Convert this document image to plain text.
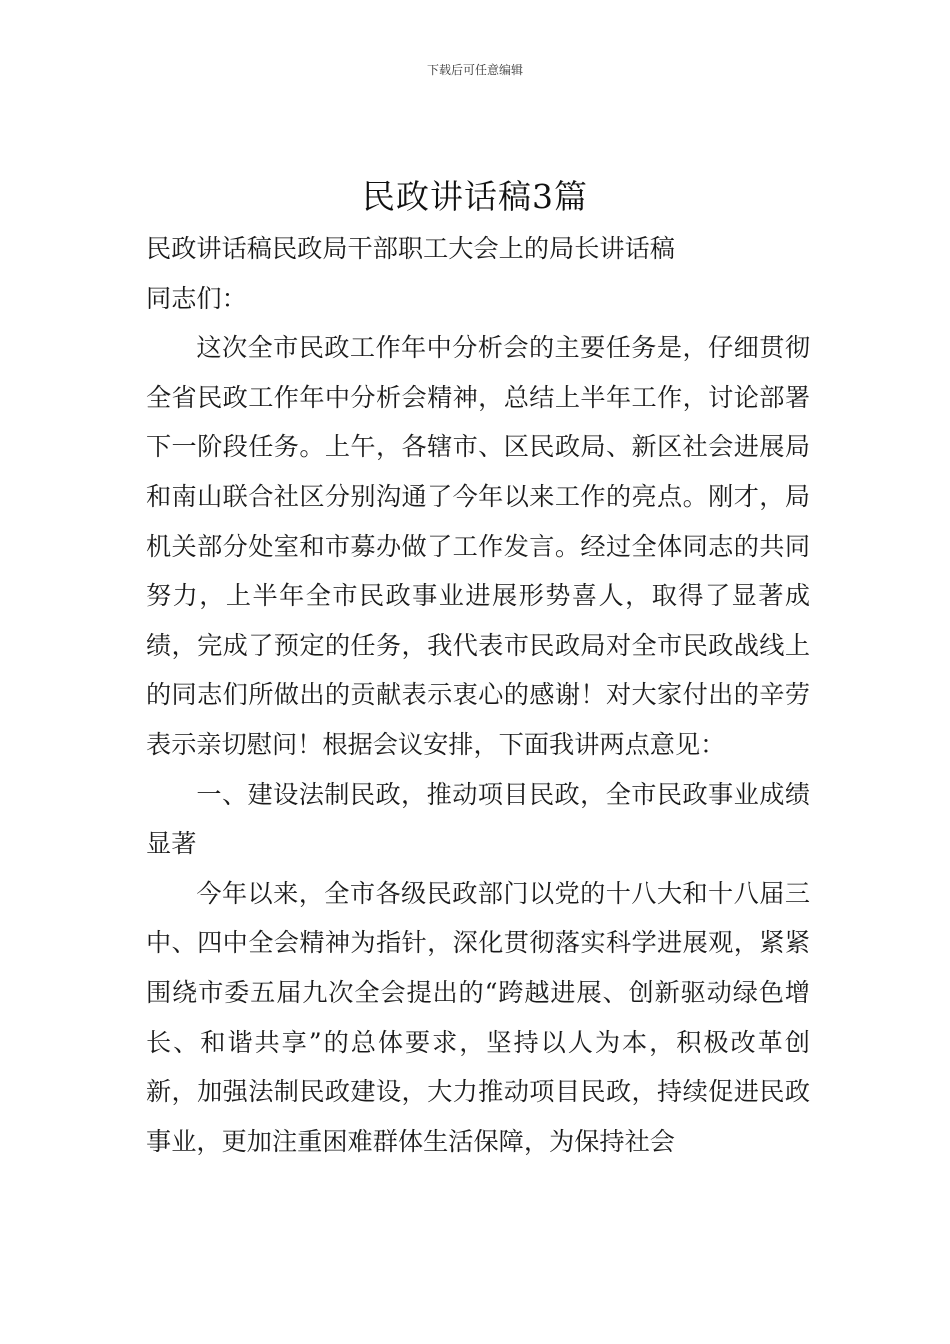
下载后可任意编辑
民政讲话稿3篇

民政讲话稿民政局干部职工大会上的局长讲话稿

同志们：

这次全市民政工作年中分析会的主要任务是，仔细贯彻全省民政工作年中分析会精神，总结上半年工作，讨论部署下一阶段任务。上午，各辖市、区民政局、新区社会进展局和南山联合社区分别沟通了今年以来工作的亮点。刚才，局机关部分处室和市募办做了工作发言。经过全体同志的共同努力，上半年全市民政事业进展形势喜人，取得了显著成绩，完成了预定的任务，我代表市民政局对全市民政战线上的同志们所做出的贡献表示衷心的感谢！对大家付出的辛劳表示亲切慰问！根据会议安排，下面我讲两点意见：

一、建设法制民政，推动项目民政，全市民政事业成绩显著

今年以来，全市各级民政部门以党的十八大和十八届三中、四中全会精神为指针，深化贯彻落实科学进展观，紧紧围绕市委五届九次全会提出的“跨越进展、创新驱动绿色增长、和谐共享”的总体要求，坚持以人为本，积极改革创新，加强法制民政建设，大力推动项目民政，持续促进民政事业，更加注重困难群体生活保障，为保持社会
